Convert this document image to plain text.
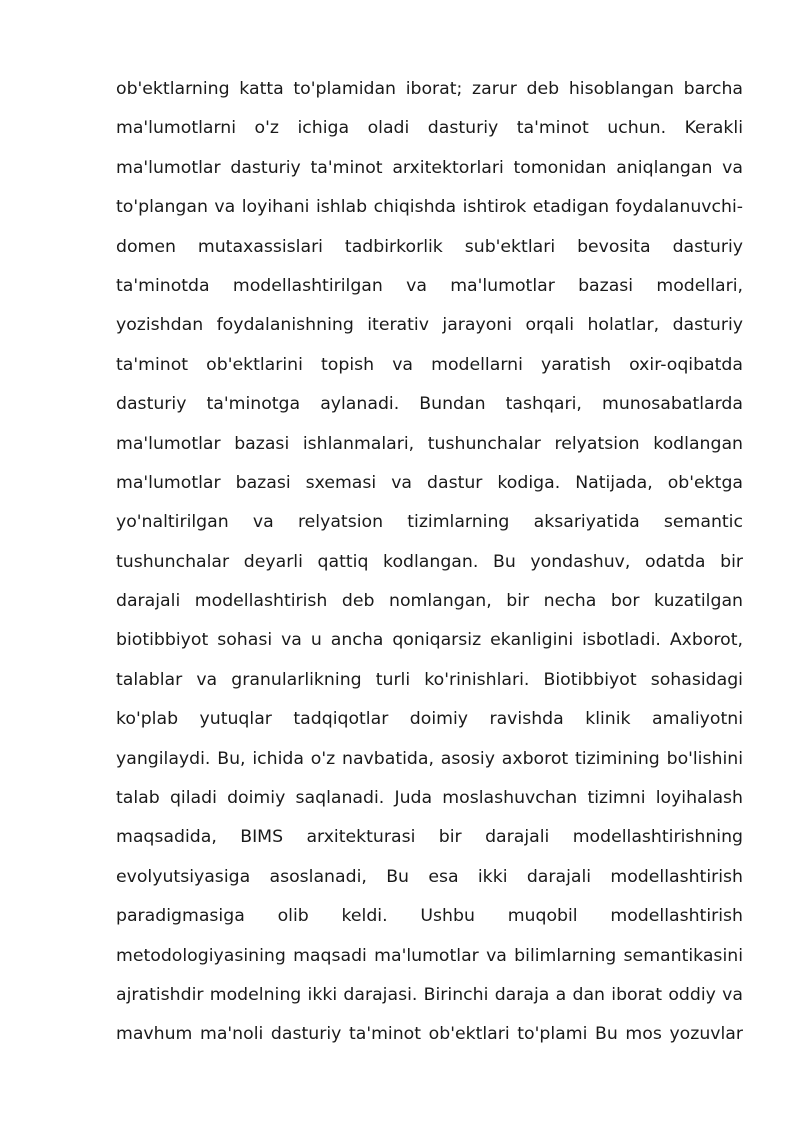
ob'ektlarning katta to'plamidan iborat; zarur deb hisoblangan barcha
ma'lumotlarni o'z ichiga oladi dasturiy ta'minot uchun. Kerakli
ma'lumotlar dasturiy ta'minot arxitektorlari tomonidan aniqlangan va
to'plangan va loyihani ishlab chiqishda ishtirok etadigan foydalanuvchi-
domen mutaxassislari tadbirkorlik sub'ektlari bevosita dasturiy
ta'minotda modellashtirilgan va ma'lumotlar bazasi modellari,
yozishdan foydalanishning iterativ jarayoni orqali holatlar, dasturiy
ta'minot ob'ektlarini topish va modellarni yaratish oxir-oqibatda
dasturiy ta'minotga aylanadi. Bundan tashqari, munosabatlarda
ma'lumotlar bazasi ishlanmalari, tushunchalar relyatsion kodlangan
ma'lumotlar bazasi sxemasi va dastur kodiga. Natijada, ob'ektga
yo'naltirilgan va relyatsion tizimlarning aksariyatida semantic
tushunchalar deyarli qattiq kodlangan. Bu yondashuv, odatda bir
darajali modellashtirish deb nomlangan, bir necha bor kuzatilgan
biotibbiyot sohasi va u ancha qoniqarsiz ekanligini isbotladi. Axborot,
talablar va granularlikning turli ko'rinishlari. Biotibbiyot sohasidagi
ko'plab yutuqlar tadqiqotlar doimiy ravishda klinik amaliyotni
yangilaydi. Bu, ichida o'z navbatida, asosiy axborot tizimining bo'lishini
talab qiladi doimiy saqlanadi. Juda moslashuvchan tizimni loyihalash
maqsadida, BIMS arxitekturasi bir darajali modellashtirishning
evolyutsiyasiga asoslanadi, Bu esa ikki darajali modellashtirish
paradigmasiga olib keldi. Ushbu muqobil modellashtirish
metodologiyasining maqsadi ma'lumotlar va bilimlarning semantikasini
ajratishdir modelning ikki darajasi. Birinchi daraja a dan iborat oddiy va
mavhum ma'noli dasturiy ta'minot ob'ektlari to'plami Bu mos yozuvlar
